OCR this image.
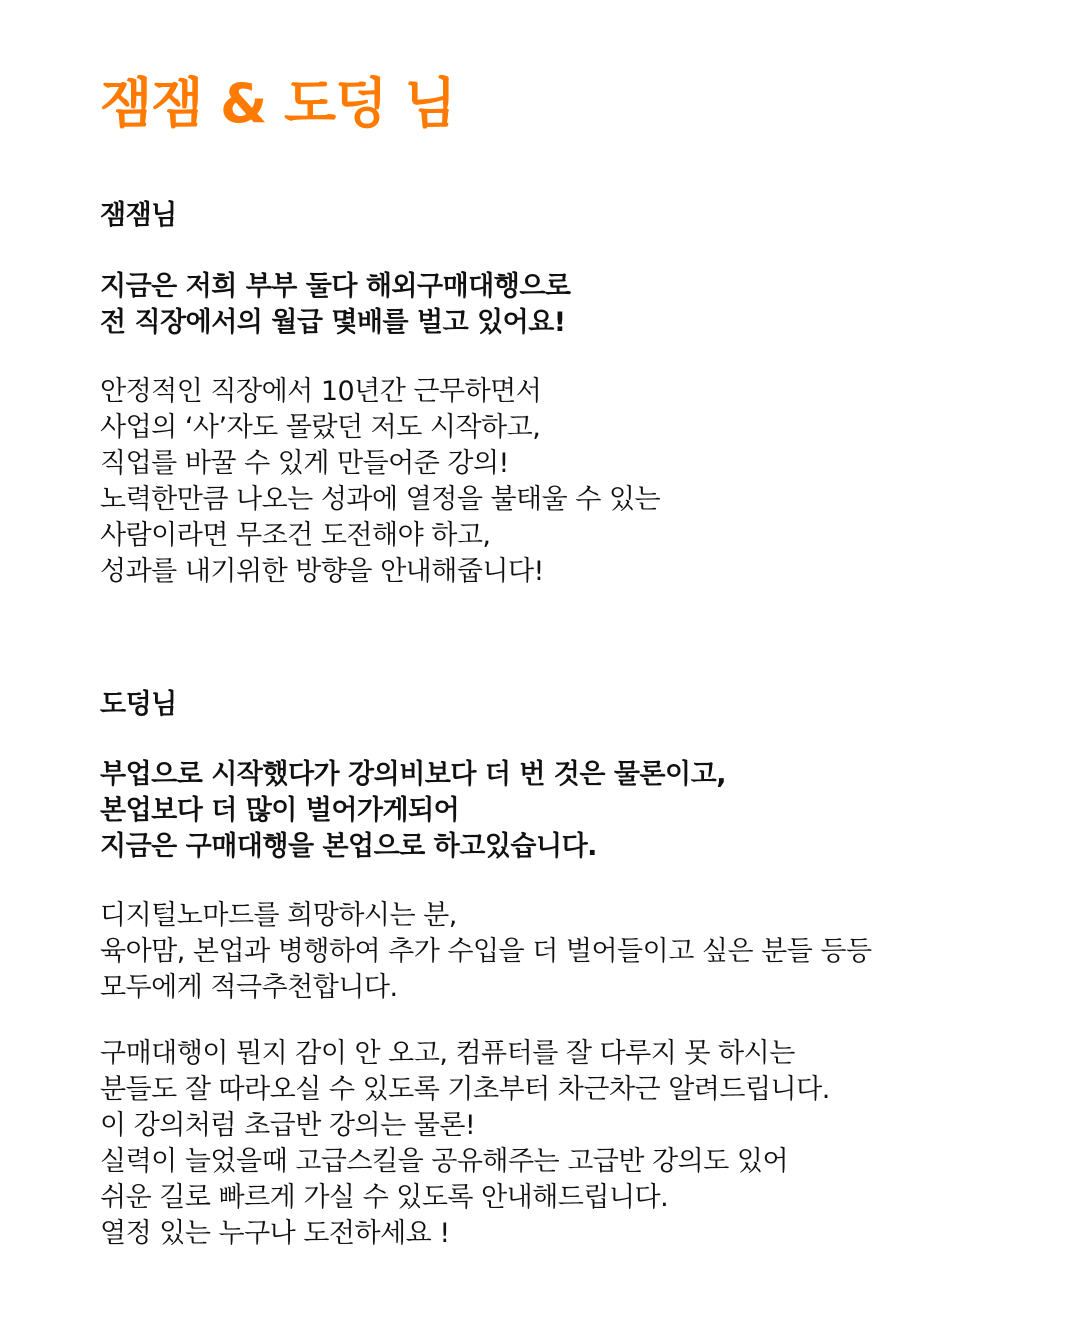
잼잼 & 도덩 님
잼잼님
지금은 저희 부부 둘다 해외구매대행으로
전 직장에서의 월급 몇배를 벌고 있어요!
안정적인 직장에서 10년간 근무하면서
사업의 ‘사’자도 몰랐던 저도 시작하고,
직업를 바꿀 수 있게 만들어준 강의!
노력한만큼 나오는 성과에 열정을 불태울 수 있는
사람이라면 무조건 도전해야 하고,
성과를 내기위한 방향을 안내해줍니다!
도덩님
부업으로 시작했다가 강의비보다 더 번 것은 물론이고,
본업보다 더 많이 벌어가게되어
지금은 구매대행을 본업으로 하고있습니다.
디지털노마드를 희망하시는 분,
육아맘, 본업과 병행하여 추가 수입을 더 벌어들이고 싶은 분들 등등
모두에게 적극추천합니다.
구매대행이 뭔지 감이 안 오고, 컴퓨터를 잘 다루지 못 하시는
분들도 잘 따라오실 수 있도록 기초부터 차근차근 알려드립니다.
이 강의처럼 초급반 강의는 물론!
실력이 늘었을때 고급스킬을 공유해주는 고급반 강의도 있어
쉬운 길로 빠르게 가실 수 있도록 안내해드립니다.
열정 있는 누구나 도전하세요 !
